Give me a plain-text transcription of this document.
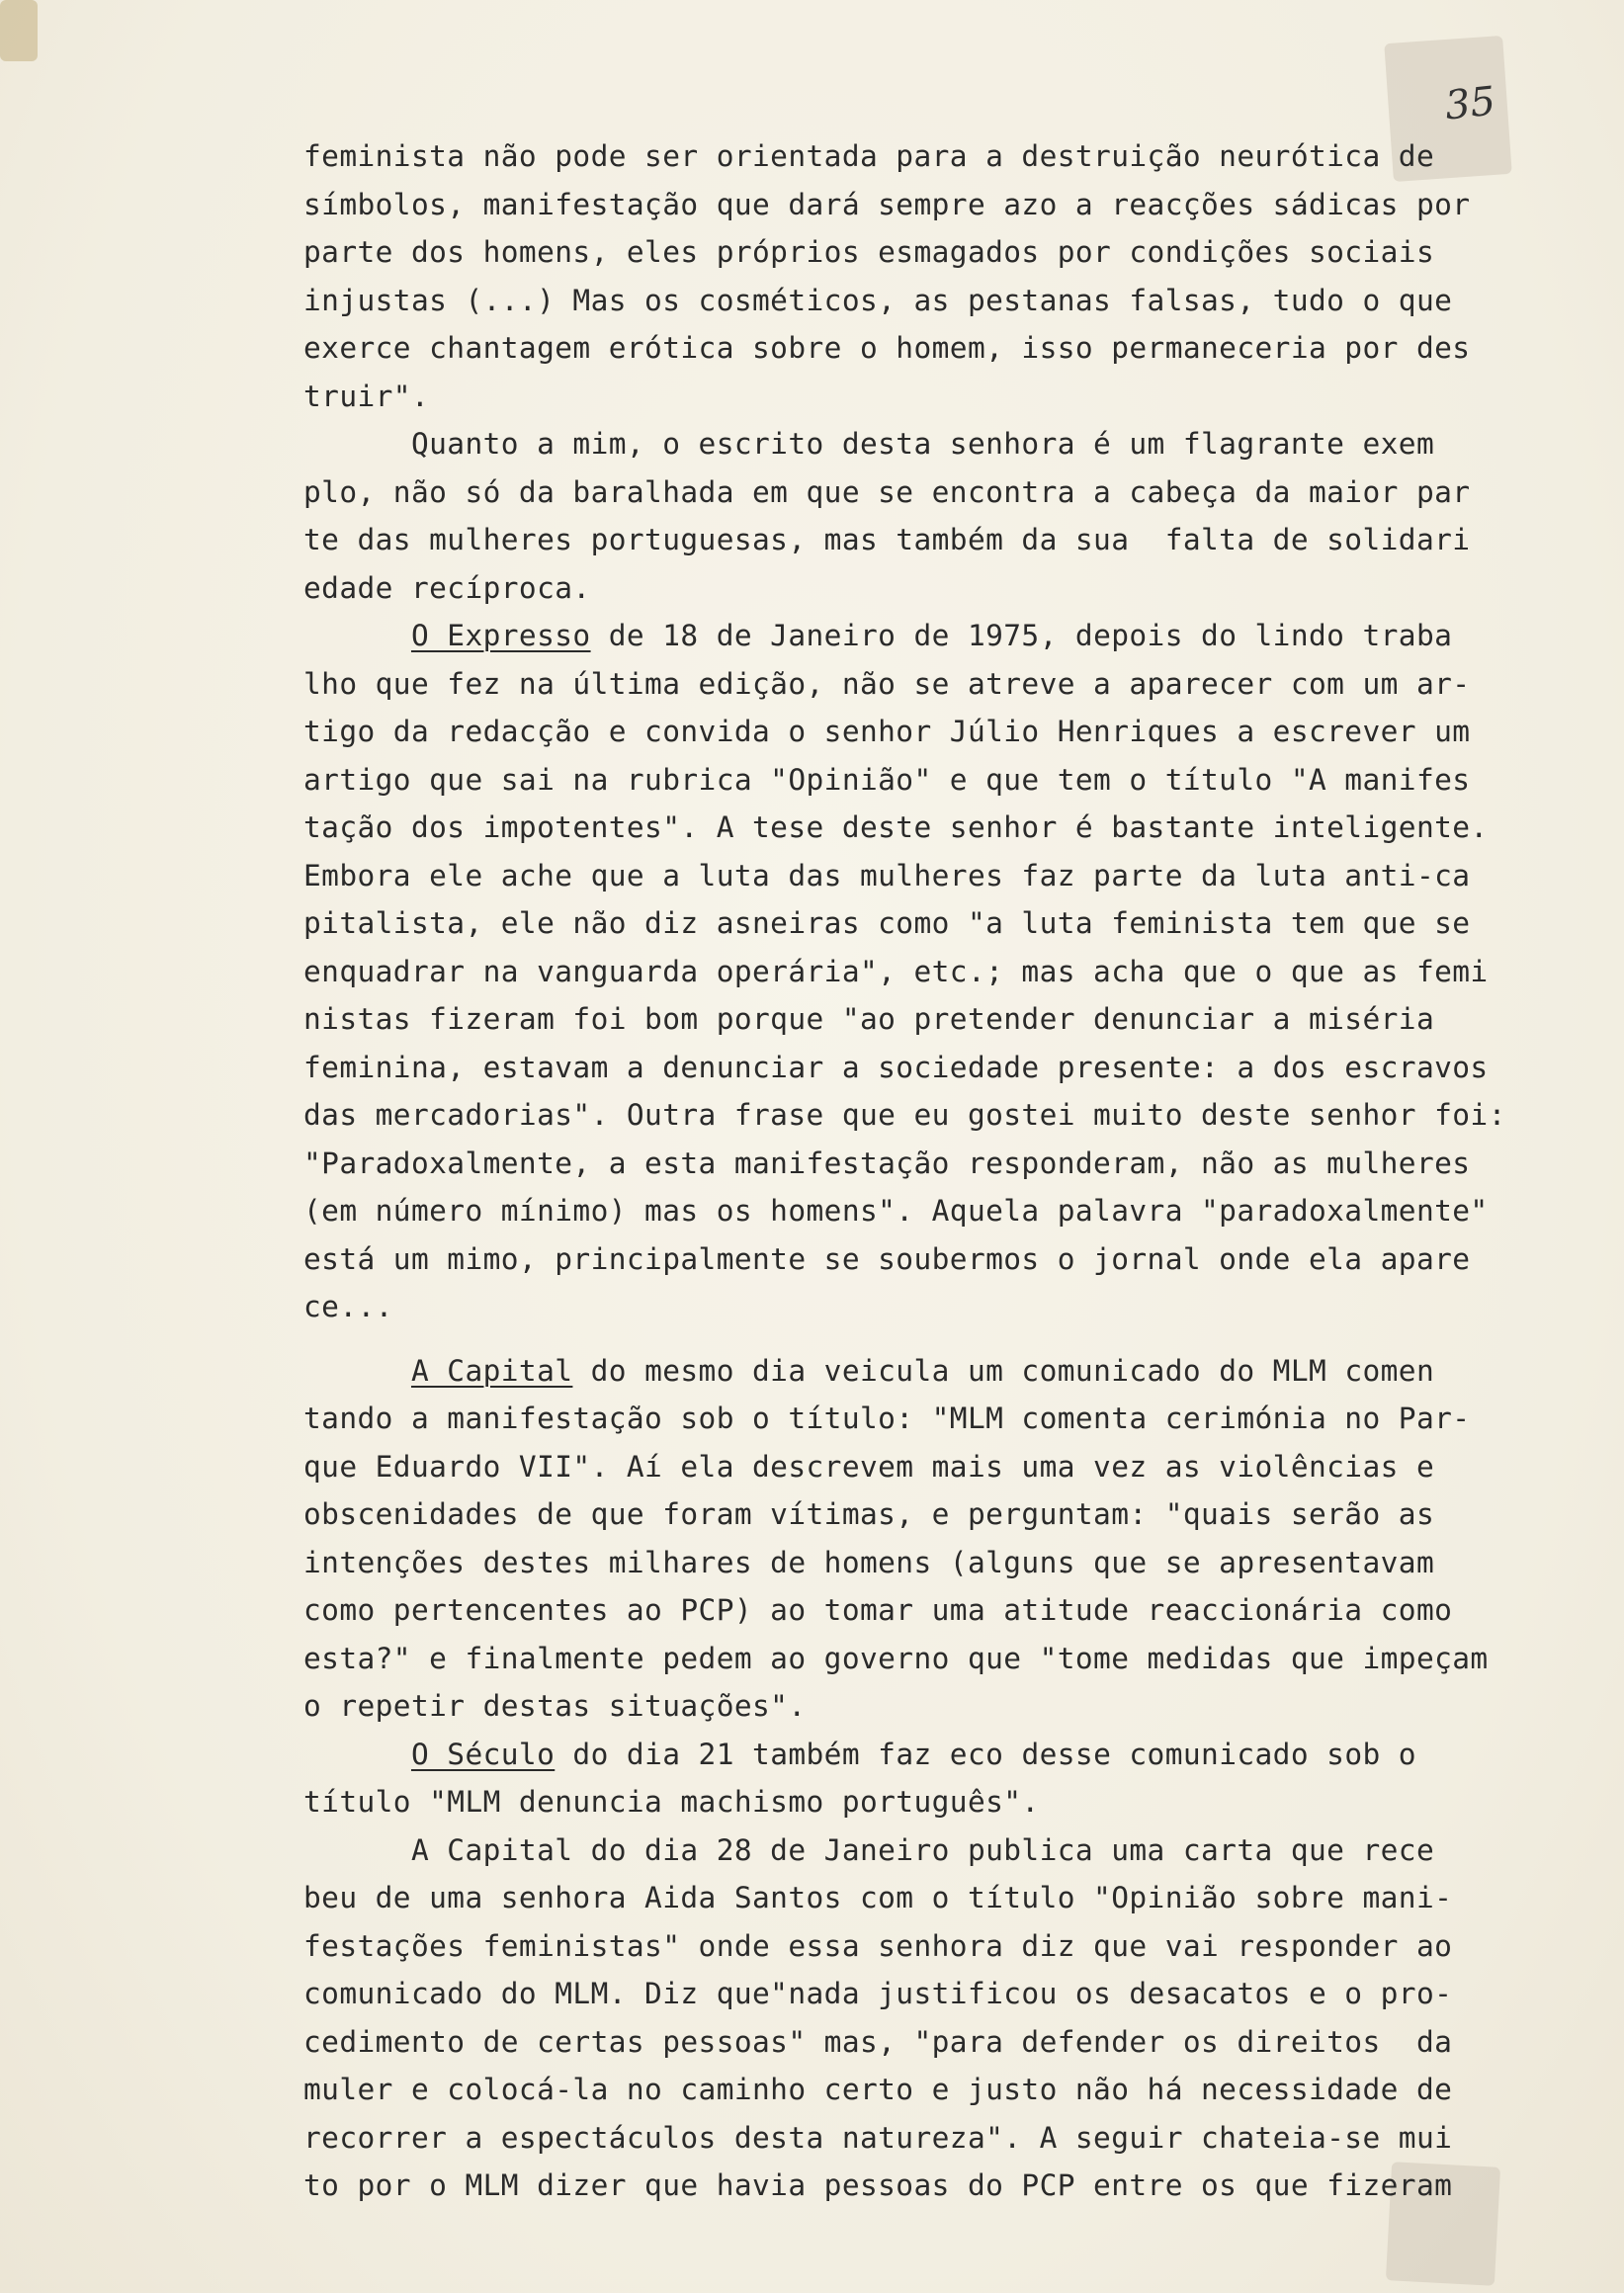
35
feminista não pode ser orientada para a destruição neurótica de
símbolos, manifestação que dará sempre azo a reacções sádicas por
parte dos homens, eles próprios esmagados por condições sociais
injustas (...) Mas os cosméticos, as pestanas falsas, tudo o que
exerce chantagem erótica sobre o homem, isso permaneceria por des
truir".
Quanto a mim, o escrito desta senhora é um flagrante exem
plo, não só da baralhada em que se encontra a cabeça da maior par
te das mulheres portuguesas, mas também da sua  falta de solidari
edade recíproca.
O Expresso de 18 de Janeiro de 1975, depois do lindo traba
lho que fez na última edição, não se atreve a aparecer com um ar-
tigo da redacção e convida o senhor Júlio Henriques a escrever um
artigo que sai na rubrica "Opinião" e que tem o título "A manifes
tação dos impotentes". A tese deste senhor é bastante inteligente.
Embora ele ache que a luta das mulheres faz parte da luta anti-ca
pitalista, ele não diz asneiras como "a luta feminista tem que se
enquadrar na vanguarda operária", etc.; mas acha que o que as femi
nistas fizeram foi bom porque "ao pretender denunciar a miséria
feminina, estavam a denunciar a sociedade presente: a dos escravos
das mercadorias". Outra frase que eu gostei muito deste senhor foi:
"Paradoxalmente, a esta manifestação responderam, não as mulheres
(em número mínimo) mas os homens". Aquela palavra "paradoxalmente"
está um mimo, principalmente se soubermos o jornal onde ela apare
ce...
A Capital do mesmo dia veicula um comunicado do MLM comen
tando a manifestação sob o título: "MLM comenta cerimónia no Par-
que Eduardo VII". Aí ela descrevem mais uma vez as violências e
obscenidades de que foram vítimas, e perguntam: "quais serão as
intenções destes milhares de homens (alguns que se apresentavam
como pertencentes ao PCP) ao tomar uma atitude reaccionária como
esta?" e finalmente pedem ao governo que "tome medidas que impeçam
o repetir destas situações".
O Século do dia 21 também faz eco desse comunicado sob o
título "MLM denuncia machismo português".
A Capital do dia 28 de Janeiro publica uma carta que rece
beu de uma senhora Aida Santos com o título "Opinião sobre mani-
festações feministas" onde essa senhora diz que vai responder ao
comunicado do MLM. Diz que"nada justificou os desacatos e o pro-
cedimento de certas pessoas" mas, "para defender os direitos  da
muler e colocá-la no caminho certo e justo não há necessidade de
recorrer a espectáculos desta natureza". A seguir chateia-se mui
to por o MLM dizer que havia pessoas do PCP entre os que fizeram
